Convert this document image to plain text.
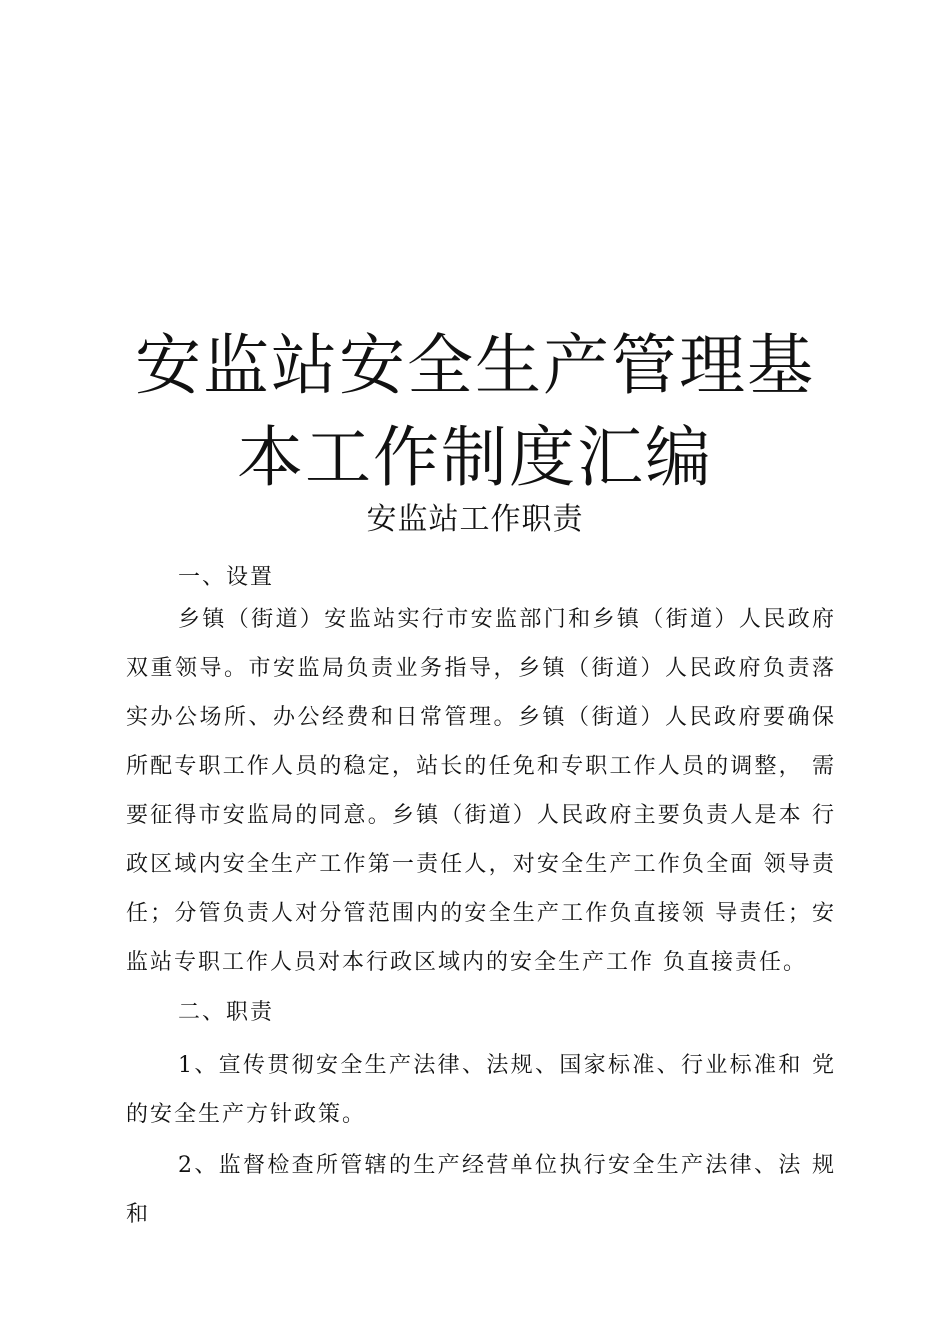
安监站安全生产管理基
本工作制度汇编
安监站工作职责

一、设置

乡镇（街道）安监站实行市安监部门和乡镇（街道）人民政府双重领导。市安监局负责业务指导，乡镇（街道）人民政府负责落实办公场所、办公经费和日常管理。乡镇（街道）人民政府要确保所配专职工作人员的稳定，站长的任免和专职工作人员的调整， 需要征得市安监局的同意。乡镇（街道）人民政府主要负责人是本 行政区域内安全生产工作第一责任人，对安全生产工作负全面 领导责任；分管负责人对分管范围内的安全生产工作负直接领 导责任；安监站专职工作人员对本行政区域内的安全生产工作 负直接责任。

二、职责

1、宣传贯彻安全生产法律、法规、国家标准、行业标准和 党的安全生产方针政策。

2、监督检查所管辖的生产经营单位执行安全生产法律、法 规和
